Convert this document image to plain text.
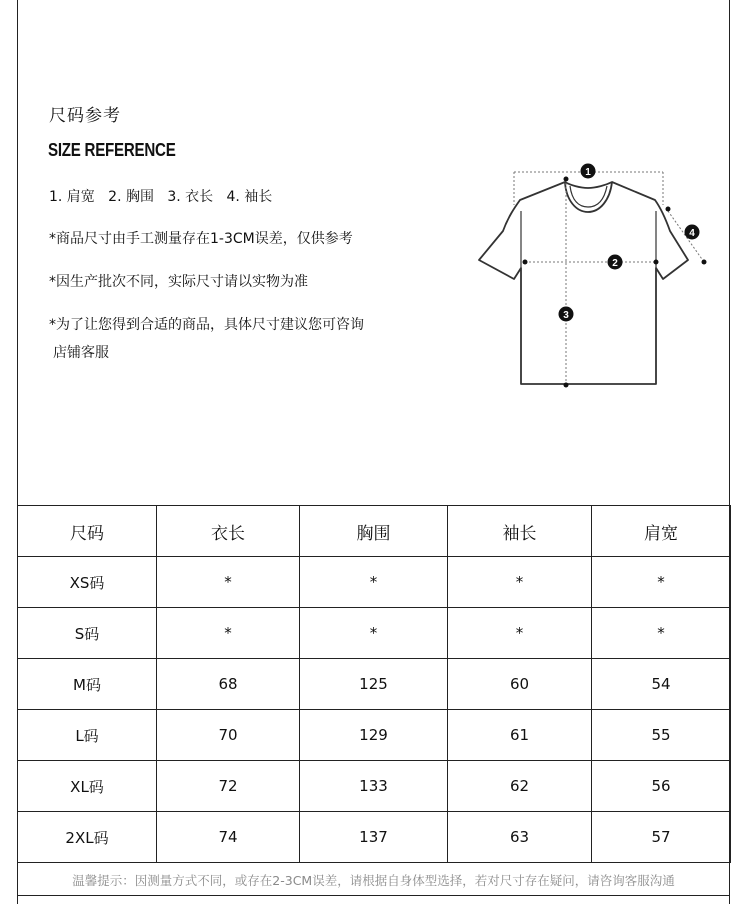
尺码参考
SIZE REFERENCE
1. 肩宽   2. 胸围   3. 衣长   4. 袖长
*商品尺寸由手工测量存在1-3CM误差，仅供参考
*因生产批次不同，实际尺寸请以实物为准
*为了让您得到合适的商品，具体尺寸建议您可咨询
店铺客服
1
2
3
4
尺码	衣长	胸围	袖长	肩宽
XS码	*	*	*	*
S码	*	*	*	*
M码	68	125	60	54
L码	70	129	61	55
XL码	72	133	62	56
2XL码	74	137	63	57
温馨提示：因测量方式不同，或存在2-3CM误差，请根据自身体型选择，若对尺寸存在疑问，请咨询客服沟通
